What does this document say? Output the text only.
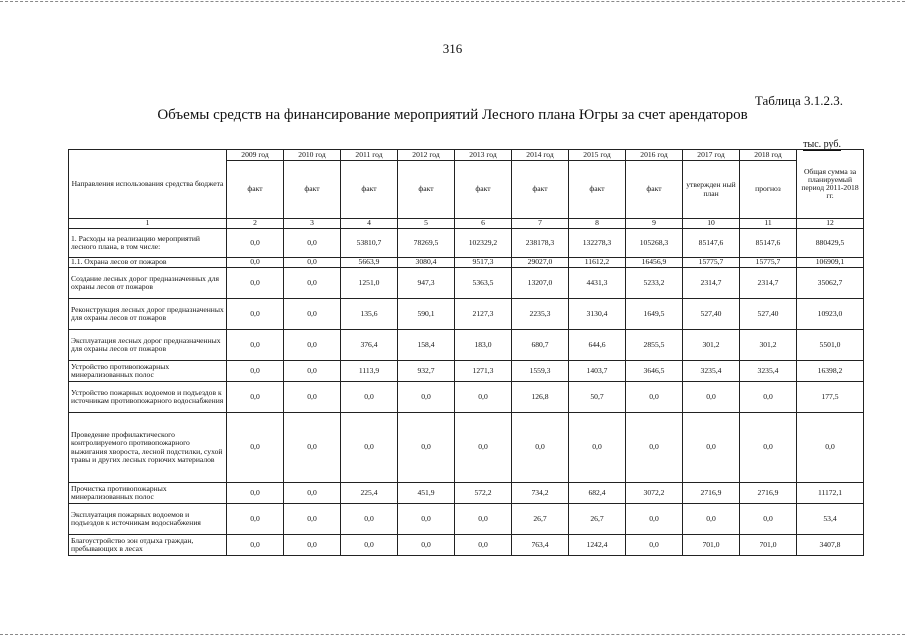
316
Таблица 3.1.2.3.
Объемы средств на финансирование мероприятий Лесного плана Югры за счет арендаторов
тыс. руб.
Направления использования средства бюджета	2009 год	2010 год	2011 год	2012 год	2013 год	2014 год	2015 год	2016 год	2017 год	2018 год	Общая сумма за планируемый период 2011-2018 гг.
	факт	факт	факт	факт	факт	факт	факт	факт	утвержден ный план	прогноз	
1	2	3	4	5	6	7	8	9	10	11	12
1. Расходы на реализацию мероприятий лесного плана, в том числе:	0,0	0,0	53810,7	78269,5	102329,2	238178,3	132278,3	105268,3	85147,6	85147,6	880429,5
1.1. Охрана лесов от пожаров	0,0	0,0	5663,9	3080,4	9517,3	29027,0	11612,2	16456,9	15775,7	15775,7	106909,1
Создание лесных дорог предназначенных для охраны лесов от пожаров	0,0	0,0	1251,0	947,3	5363,5	13207,0	4431,3	5233,2	2314,7	2314,7	35062,7
Реконструкция лесных дорог предназначенных для охраны лесов от пожаров	0,0	0,0	135,6	590,1	2127,3	2235,3	3130,4	1649,5	527,40	527,40	10923,0
Эксплуатация лесных дорог предназначенных для охраны лесов от пожаров	0,0	0,0	376,4	158,4	183,0	680,7	644,6	2855,5	301,2	301,2	5501,0
Устройство противопожарных минерализованных полос	0,0	0,0	1113,9	932,7	1271,3	1559,3	1403,7	3646,5	3235,4	3235,4	16398,2
Устройство пожарных водоемов и подъездов к источникам противопожарного водоснабжения	0,0	0,0	0,0	0,0	0,0	126,8	50,7	0,0	0,0	0,0	177,5
Проведение профилактического контролируемого противопожарного выжигания хвороста, лесной подстилки, сухой травы и других лесных горючих материалов	0,0	0,0	0,0	0,0	0,0	0,0	0,0	0,0	0,0	0,0	0,0
Прочистка противопожарных минерализованных полос	0,0	0,0	225,4	451,9	572,2	734,2	682,4	3072,2	2716,9	2716,9	11172,1
Эксплуатация пожарных водоемов и подъездов к источникам водоснабжения	0,0	0,0	0,0	0,0	0,0	26,7	26,7	0,0	0,0	0,0	53,4
Благоустройство зон отдыха граждан, пребывающих в лесах	0,0	0,0	0,0	0,0	0,0	763,4	1242,4	0,0	701,0	701,0	3407,8
